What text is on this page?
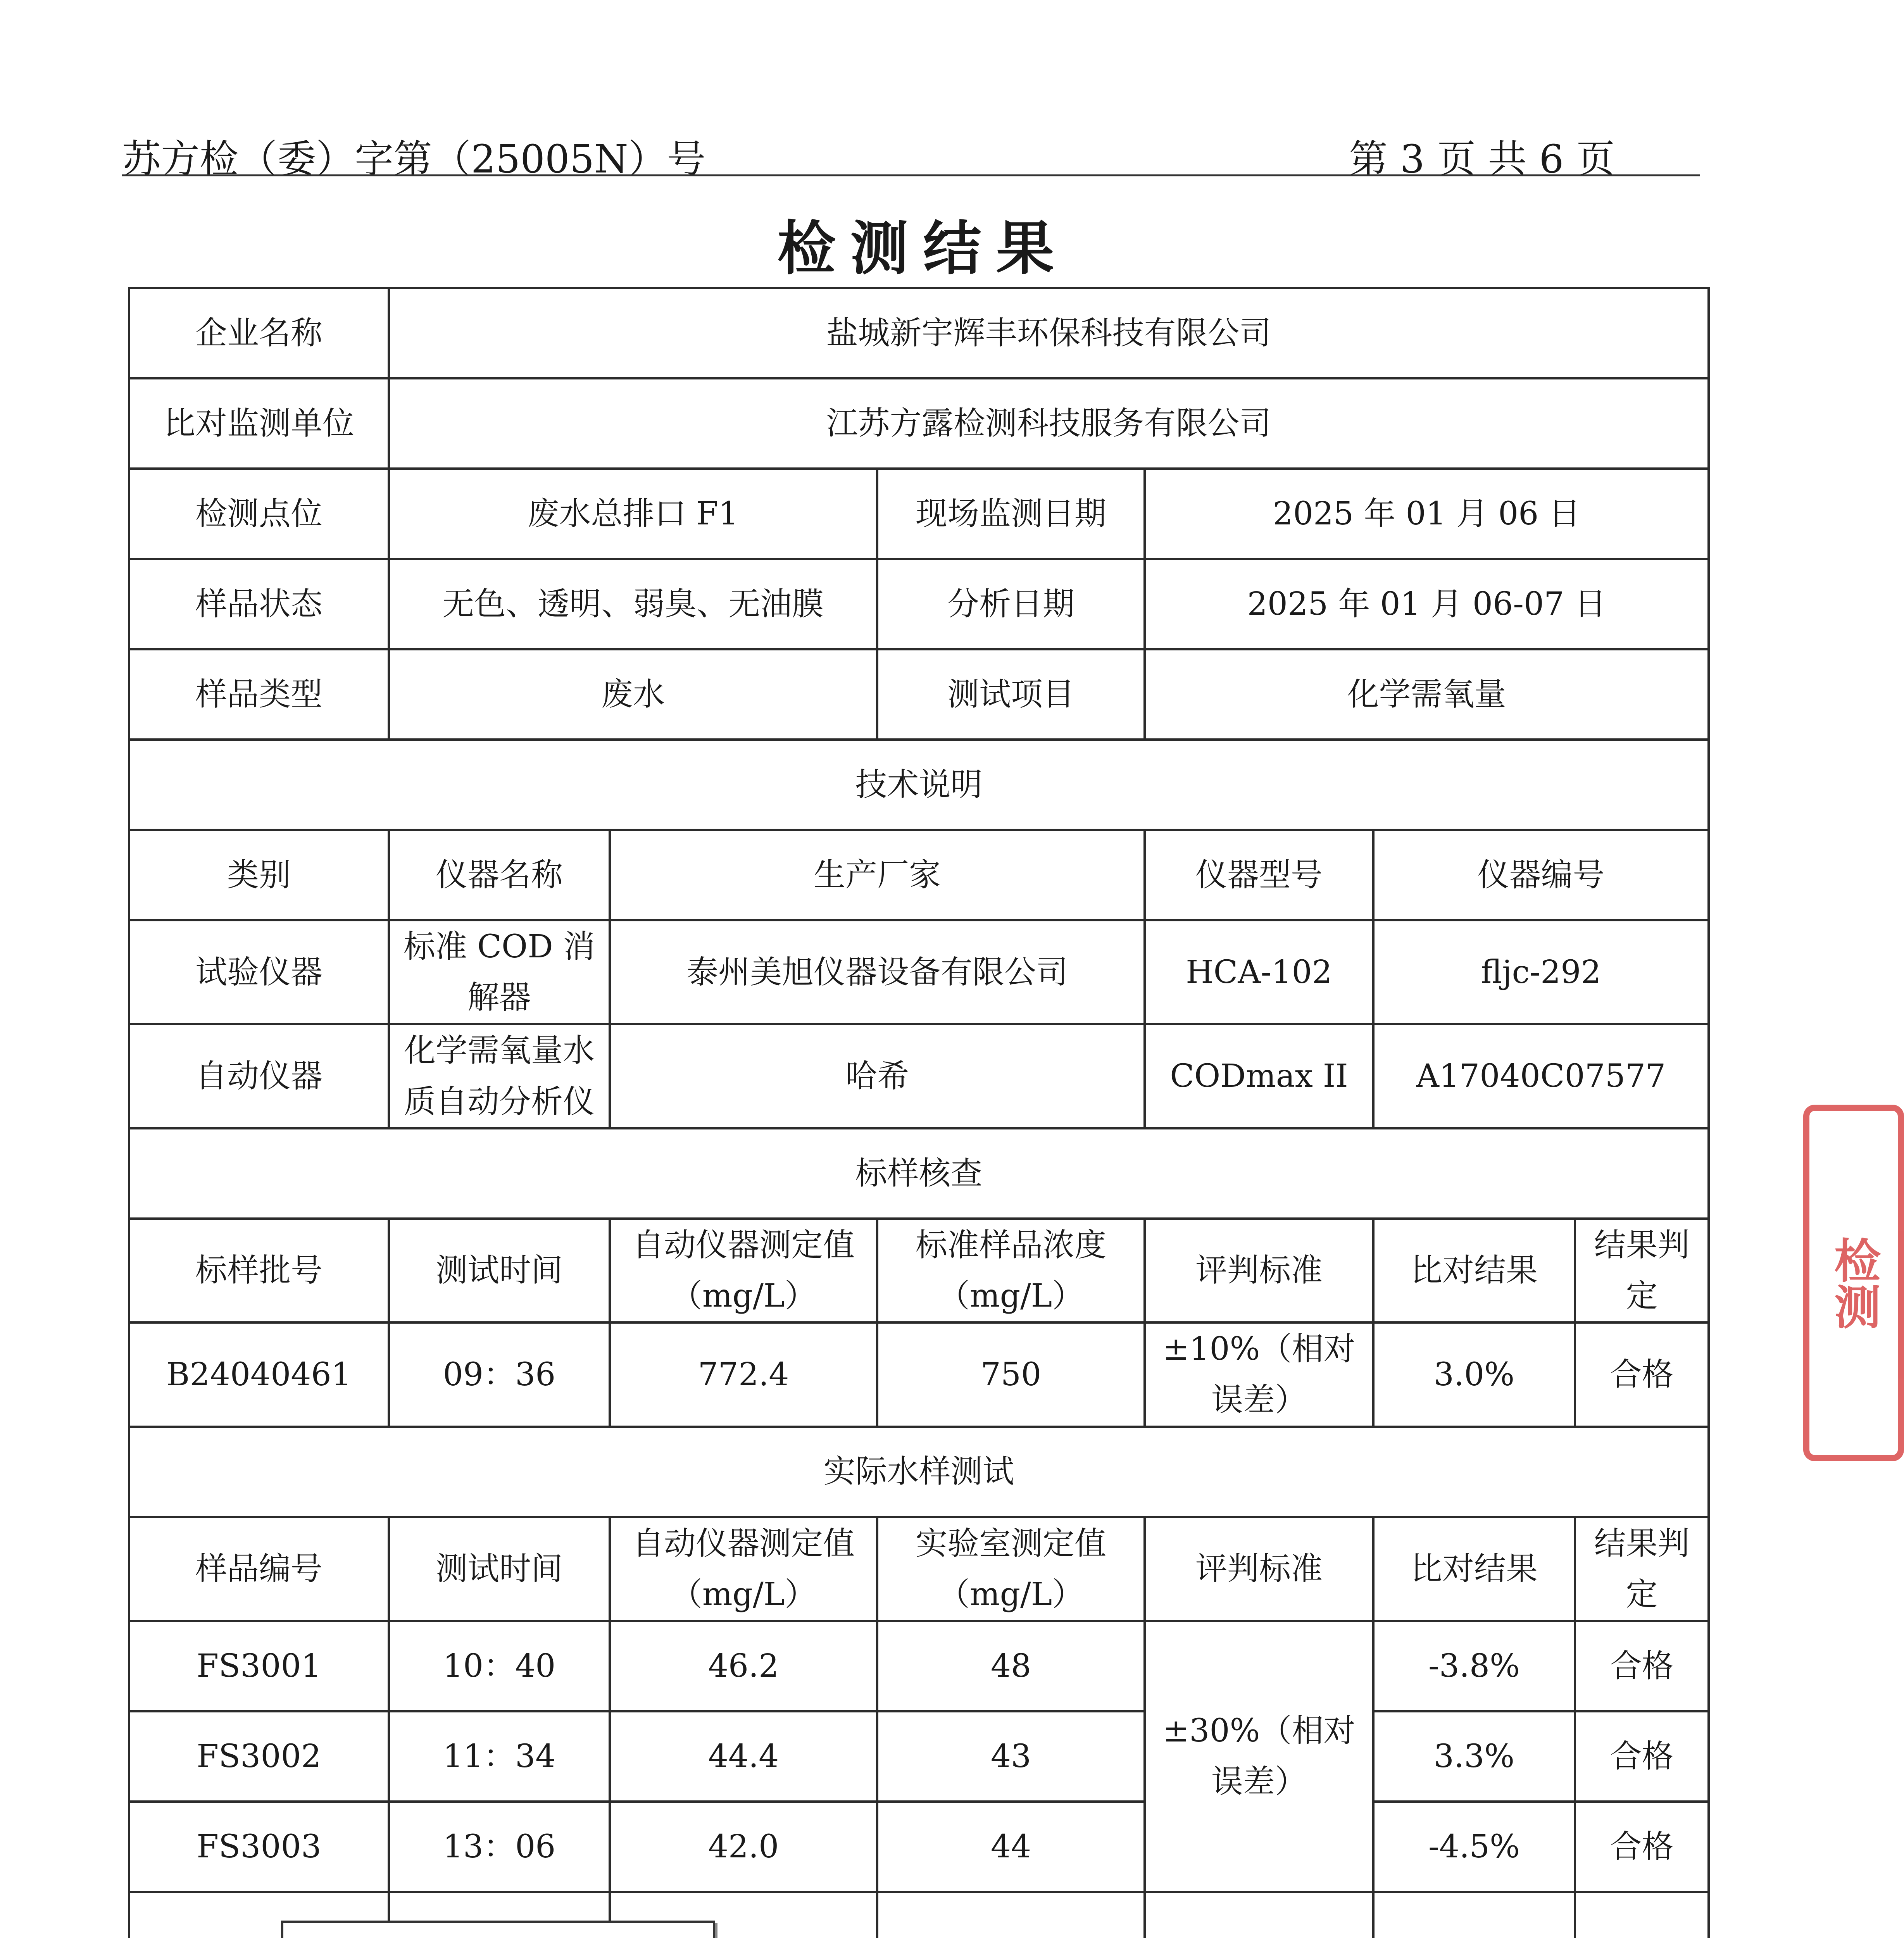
苏方检（委）字第（25005N）号	第 3 页 共 6 页
检测结果
企业名称	盐城新宇辉丰环保科技有限公司					
比对监测单位	江苏方露检测科技服务有限公司					
检测点位	废水总排口 F1		现场监测日期	2025 年 01 月 06 日		
样品状态	无色、透明、弱臭、无油膜		分析日期	2025 年 01 月 06-07 日		
样品类型	废水		测试项目	化学需氧量		
技术说明						
类别	仪器名称	生产厂家		仪器型号	仪器编号	
试验仪器	标准 COD 消解器	泰州美旭仪器设备有限公司		HCA-102	fljc-292	
自动仪器	化学需氧量水质自动分析仪	哈希		CODmax II	A17040C07577	
标样核查						
标样批号	测试时间	自动仪器测定值（mg/L）	标准样品浓度（mg/L）	评判标准	比对结果	结果判定
B24040461	09：36	772.4	750	±10%（相对误差）	3.0%	合格
实际水样测试						
样品编号	测试时间	自动仪器测定值（mg/L）	实验室测定值（mg/L）	评判标准	比对结果	结果判定
FS3001	10：40	46.2	48	±30%（相对误差）	-3.8%	合格
FS3002	11：34	44.4	43		3.3%	合格
FS3003	13：06	42.0	44		-4.5%	合格

检测
